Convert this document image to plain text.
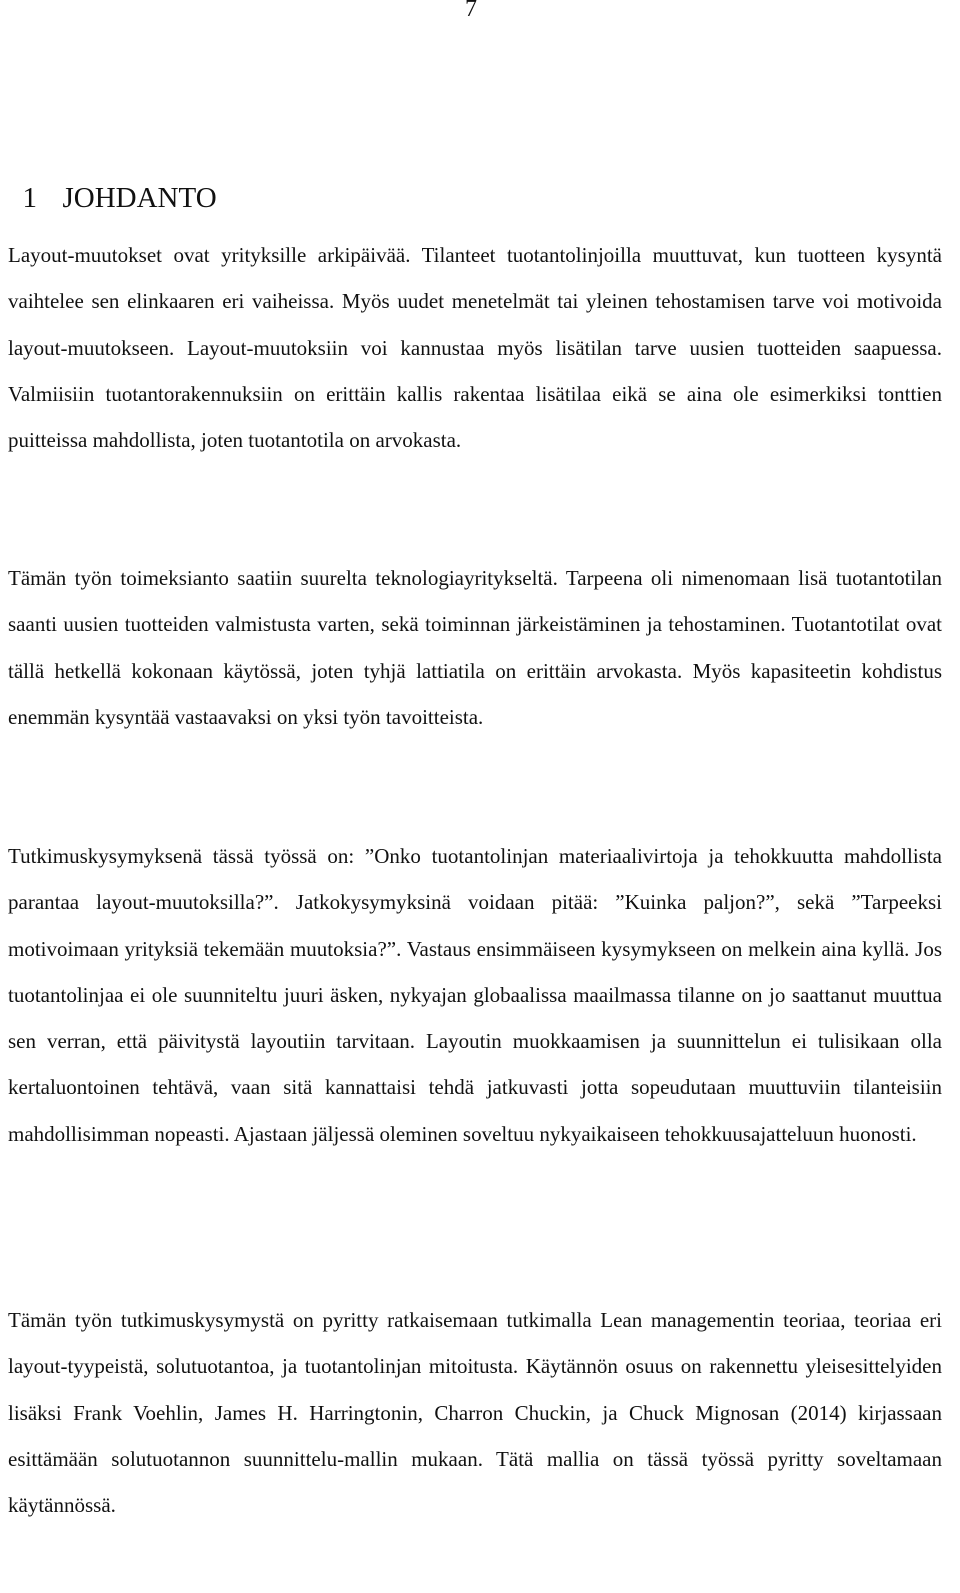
7

1 JOHDANTO

Layout-muutokset ovat yrityksille arkipäivää. Tilanteet tuotantolinjoilla muuttuvat, kun tuotteen kysyntä vaihtelee sen elinkaaren eri vaiheissa. Myös uudet menetelmät tai yleinen tehostamisen tarve voi motivoida layout-muutokseen. Layout-muutoksiin voi kannustaa myös lisätilan tarve uusien tuotteiden saapuessa. Valmiisiin tuotantorakennuksiin on erittäin kallis rakentaa lisätilaa eikä se aina ole esimerkiksi tonttien puitteissa mahdollista, joten tuotantotila on arvokasta.

Tämän työn toimeksianto saatiin suurelta teknologiayritykseltä. Tarpeena oli nimenomaan lisä tuotantotilan saanti uusien tuotteiden valmistusta varten, sekä toiminnan järkeistäminen ja tehostaminen. Tuotantotilat ovat tällä hetkellä kokonaan käytössä, joten tyhjä lattiatila on erittäin arvokasta. Myös kapasiteetin kohdistus enemmän kysyntää vastaavaksi on yksi työn tavoitteista.

Tutkimuskysymyksenä tässä työssä on: ”Onko tuotantolinjan materiaalivirtoja ja tehokkuutta mahdollista parantaa layout-muutoksilla?”. Jatkokysymyksinä voidaan pitää: ”Kuinka paljon?”, sekä ”Tarpeeksi motivoimaan yrityksiä tekemään muutoksia?”. Vastaus ensimmäiseen kysymykseen on melkein aina kyllä. Jos tuotantolinjaa ei ole suunniteltu juuri äsken, nykyajan globaalissa maailmassa tilanne on jo saattanut muuttua sen verran, että päivitystä layoutiin tarvitaan. Layoutin muokkaamisen ja suunnittelun ei tulisikaan olla kertaluontoinen tehtävä, vaan sitä kannattaisi tehdä jatkuvasti jotta sopeudutaan muuttuviin tilanteisiin mahdollisimman nopeasti. Ajastaan jäljessä oleminen soveltuu nykyaikaiseen tehokkuusajatteluun huonosti.

Tämän työn tutkimuskysymystä on pyritty ratkaisemaan tutkimalla Lean managementin teoriaa, teoriaa eri layout-tyypeistä, solutuotantoa, ja tuotantolinjan mitoitusta. Käytännön osuus on rakennettu yleisesittelyiden lisäksi Frank Voehlin, James H. Harringtonin, Charron Chuckin, ja Chuck Mignosan (2014) kirjassaan esittämään solutuotannon suunnittelu-mallin mukaan. Tätä mallia on tässä työssä pyritty soveltamaan käytännössä.
